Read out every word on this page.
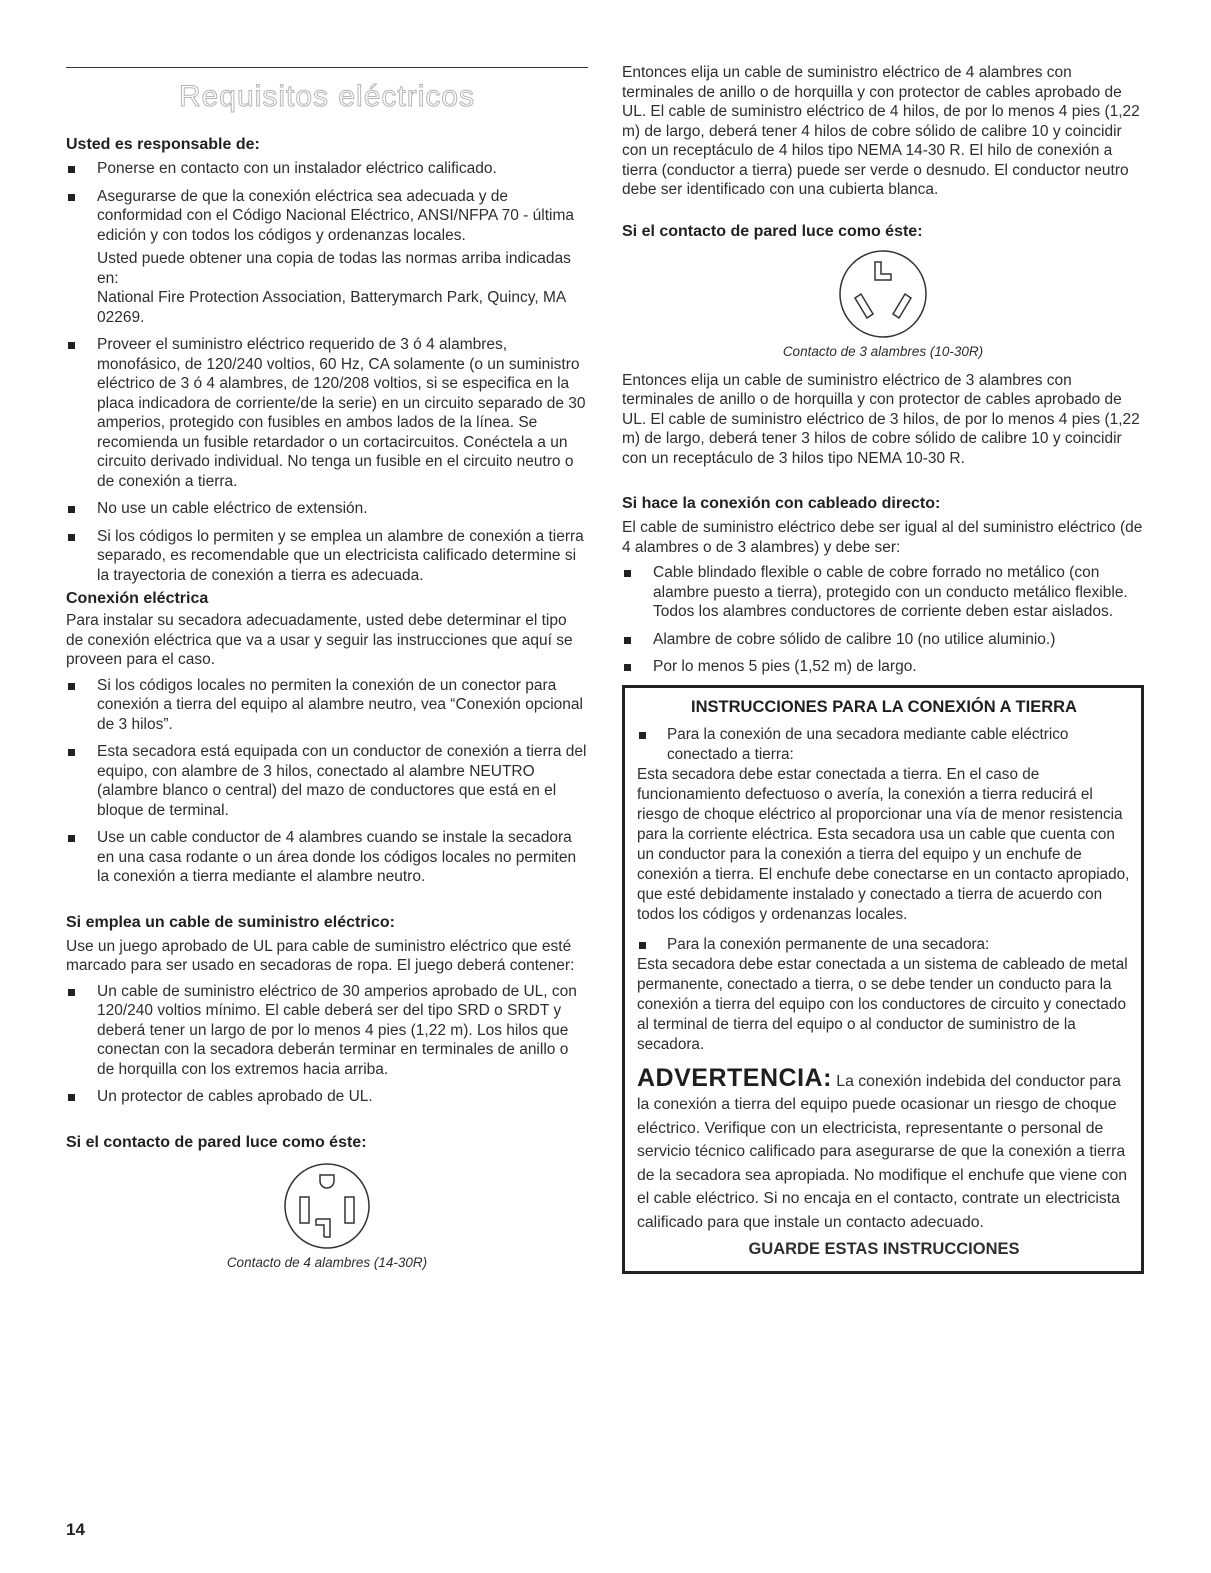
Requisitos eléctricos
Usted es responsable de:
Ponerse en contacto con un instalador eléctrico calificado.
Asegurarse de que la conexión eléctrica sea adecuada y de conformidad con el Código Nacional Eléctrico, ANSI/NFPA 70 - última edición y con todos los códigos y ordenanzas locales.
Usted puede obtener una copia de todas las normas arriba indicadas en:
National Fire Protection Association, Batterymarch Park, Quincy, MA 02269.
Proveer el suministro eléctrico requerido de 3 ó 4 alambres, monofásico, de 120/240 voltios, 60 Hz, CA solamente (o un suministro eléctrico de 3 ó 4 alambres, de 120/208 voltios, si se especifica en la placa indicadora de corriente/de la serie) en un circuito separado de 30 amperios, protegido con fusibles en ambos lados de la línea. Se recomienda un fusible retardador o un cortacircuitos. Conéctela a un circuito derivado individual. No tenga un fusible en el circuito neutro o de conexión a tierra.
No use un cable eléctrico de extensión.
Si los códigos lo permiten y se emplea un alambre de conexión a tierra separado, es recomendable que un electricista calificado determine si la trayectoria de conexión a tierra es adecuada.
Conexión eléctrica
Para instalar su secadora adecuadamente, usted debe determinar el tipo de conexión eléctrica que va a usar y seguir las instrucciones que aquí se proveen para el caso.
Si los códigos locales no permiten la conexión de un conector para conexión a tierra del equipo al alambre neutro, vea “Conexión opcional de 3 hilos”.
Esta secadora está equipada con un conductor de conexión a tierra del equipo, con alambre de 3 hilos, conectado al alambre NEUTRO (alambre blanco o central) del mazo de conductores que está en el bloque de terminal.
Use un cable conductor de 4 alambres cuando se instale la secadora en una casa rodante o un área donde los códigos locales no permiten la conexión a tierra mediante el alambre neutro.
Si emplea un cable de suministro eléctrico:
Use un juego aprobado de UL para cable de suministro eléctrico que esté marcado para ser usado en secadoras de ropa. El juego deberá contener:
Un cable de suministro eléctrico de 30 amperios aprobado de UL, con 120/240 voltios mínimo. El cable deberá ser del tipo SRD o SRDT y deberá tener un largo de por lo menos 4 pies (1,22 m). Los hilos que conectan con la secadora deberán terminar en terminales de anillo o de horquilla con los extremos hacia arriba.
Un protector de cables aprobado de UL.
Si el contacto de pared luce como éste:
Contacto de 4 alambres (14-30R)
Entonces elija un cable de suministro eléctrico de 4 alambres con terminales de anillo o de horquilla y con protector de cables aprobado de UL. El cable de suministro eléctrico de 4 hilos, de por lo menos 4 pies (1,22 m) de largo, deberá tener 4 hilos de cobre sólido de calibre 10 y coincidir con un receptáculo de 4 hilos tipo NEMA 14-30 R. El hilo de conexión a tierra (conductor a tierra) puede ser verde o desnudo. El conductor neutro debe ser identificado con una cubierta blanca.
Si el contacto de pared luce como éste:
Contacto de 3 alambres (10-30R)
Entonces elija un cable de suministro eléctrico de 3 alambres con terminales de anillo o de horquilla y con protector de cables aprobado de UL. El cable de suministro eléctrico de 3 hilos, de por lo menos 4 pies (1,22 m) de largo, deberá tener 3 hilos de cobre sólido de calibre 10 y coincidir con un receptáculo de 3 hilos tipo NEMA 10-30 R.
Si hace la conexión con cableado directo:
El cable de suministro eléctrico debe ser igual al del suministro eléctrico (de 4 alambres o de 3 alambres) y debe ser:
Cable blindado flexible o cable de cobre forrado no metálico (con alambre puesto a tierra), protegido con un conducto metálico flexible. Todos los alambres conductores de corriente deben estar aislados.
Alambre de cobre sólido de calibre 10 (no utilice aluminio.)
Por lo menos 5 pies (1,52 m) de largo.
INSTRUCCIONES PARA LA CONEXIÓN A TIERRA
Para la conexión de una secadora mediante cable eléctrico conectado a tierra:
Esta secadora debe estar conectada a tierra. En el caso de funcionamiento defectuoso o avería, la conexión a tierra reducirá el riesgo de choque eléctrico al proporcionar una vía de menor resistencia para la corriente eléctrica. Esta secadora usa un cable que cuenta con un conductor para la conexión a tierra del equipo y un enchufe de conexión a tierra. El enchufe debe conectarse en un contacto apropiado, que esté debidamente instalado y conectado a tierra de acuerdo con todos los códigos y ordenanzas locales.
Para la conexión permanente de una secadora:
Esta secadora debe estar conectada a un sistema de cableado de metal permanente, conectado a tierra, o se debe tender un conducto para la conexión a tierra del equipo con los conductores de circuito y conectado al terminal de tierra del equipo o al conductor de suministro de la secadora.
ADVERTENCIA: La conexión indebida del conductor para la conexión a tierra del equipo puede ocasionar un riesgo de choque eléctrico. Verifique con un electricista, representante o personal de servicio técnico calificado para asegurarse de que la conexión a tierra de la secadora sea apropiada. No modifique el enchufe que viene con el cable eléctrico. Si no encaja en el contacto, contrate un electricista calificado para que instale un contacto adecuado.
GUARDE ESTAS INSTRUCCIONES
14
